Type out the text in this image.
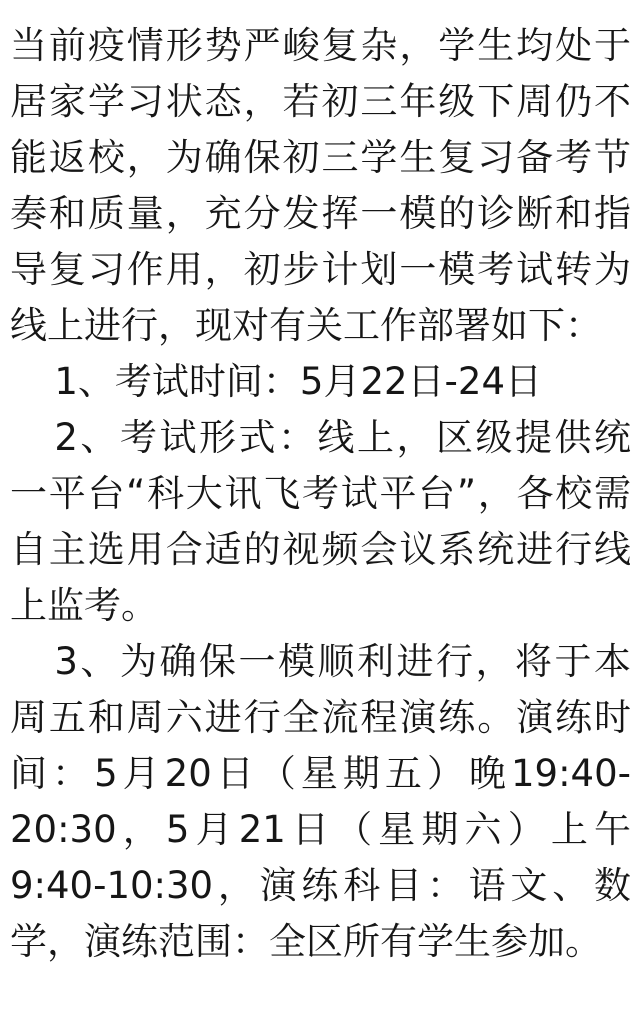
当前疫情形势严峻复杂，学生均处于居家学习状态，若初三年级下周仍不能返校，为确保初三学生复习备考节奏和质量，充分发挥一模的诊断和指导复习作用，初步计划一模考试转为线上进行，现对有关工作部署如下：

1、考试时间：5月22日-24日

2、考试形式：线上，区级提供统一平台“科大讯飞考试平台”，各校需自主选用合适的视频会议系统进行线上监考。

3、为确保一模顺利进行，将于本周五和周六进行全流程演练。演练时间：5月20日（星期五）晚19:40-20:30，5月21日（星期六）上午9:40-10:30，演练科目：语文、数学，演练范围：全区所有学生参加。
